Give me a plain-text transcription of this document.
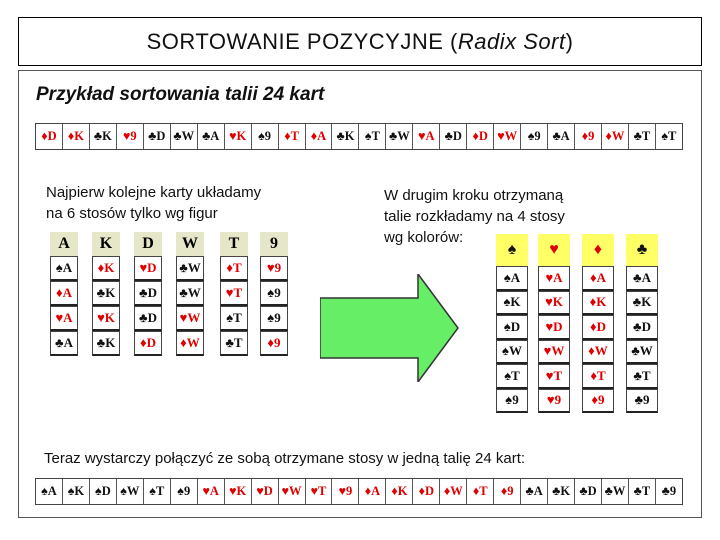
SORTOWANIE POZYCYJNE (Radix Sort)
Przykład sortowania talii 24 kart
♦D ♦K ♣K ♥9 ♣D ♣W ♣A ♥K ♠9	♦T ♦A ♣K ♠T ♣W ♥A ♣D ♦D ♥W ♠9 ♣A ♦9 ♦W ♣T ♠T
Najpierw kolejne karty układamy
na 6 stosów tylko wg figur
W drugim kroku otrzymaną
talie rozkładamy na 4 stosy
wg kolorów:
A
♠A
♦A
♥A
♣A
K
♦K
♣K
♥K
♣K
D
♥D
♣D
♣D
♦D
W
♣W
♣W
♥W
♦W
T
♦T
♥T
♠T
♣T
9
♥9
♠9
♠9
♦9
♠
♠A
♠K
♠D
♠W
♠T
♠9
♥
♥A
♥K
♥D
♥W
♥T
♥9
♦
♦A
♦K
♦D
♦W
♦T
♦9
♣
♣A
♣K
♣D
♣W
♣T
♣9
Teraz wystarczy połączyć ze sobą otrzymane stosy w jedną talię 24 kart:
♠A ♠K ♠D ♠W ♠T	♠9 ♥A ♥K ♥D ♥W ♥T ♥9 ♦A ♦K ♦D ♦W ♦T	♦9 ♣A ♣K ♣D ♣W ♣T ♣9
